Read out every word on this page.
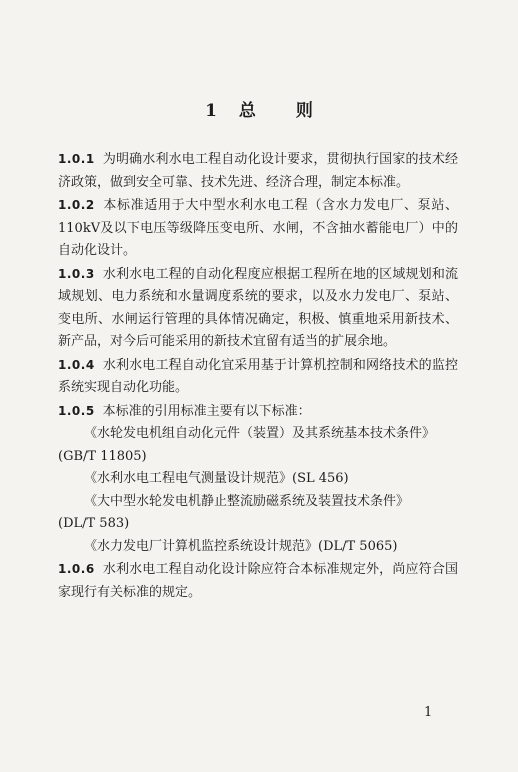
1 总 则

1.0.1 为明确水利水电工程自动化设计要求，贯彻执行国家的技术经济政策，做到安全可靠、技术先进、经济合理，制定本标准。

1.0.2 本标准适用于大中型水利水电工程（含水力发电厂、泵站、110kV及以下电压等级降压变电所、水闸，不含抽水蓄能电厂）中的自动化设计。

1.0.3 水利水电工程的自动化程度应根据工程所在地的区域规划和流域规划、电力系统和水量调度系统的要求，以及水力发电厂、泵站、变电所、水闸运行管理的具体情况确定，积极、慎重地采用新技术、新产品，对今后可能采用的新技术宜留有适当的扩展余地。

1.0.4 水利水电工程自动化宜采用基于计算机控制和网络技术的监控系统实现自动化功能。

1.0.5 本标准的引用标准主要有以下标准：

《水轮发电机组自动化元件（装置）及其系统基本技术条件》

(GB/T 11805)

《水利水电工程电气测量设计规范》(SL 456)

《大中型水轮发电机静止整流励磁系统及装置技术条件》

(DL/T 583)

《水力发电厂计算机监控系统设计规范》(DL/T 5065)

1.0.6 水利水电工程自动化设计除应符合本标准规定外，尚应符合国家现行有关标准的规定。

1
